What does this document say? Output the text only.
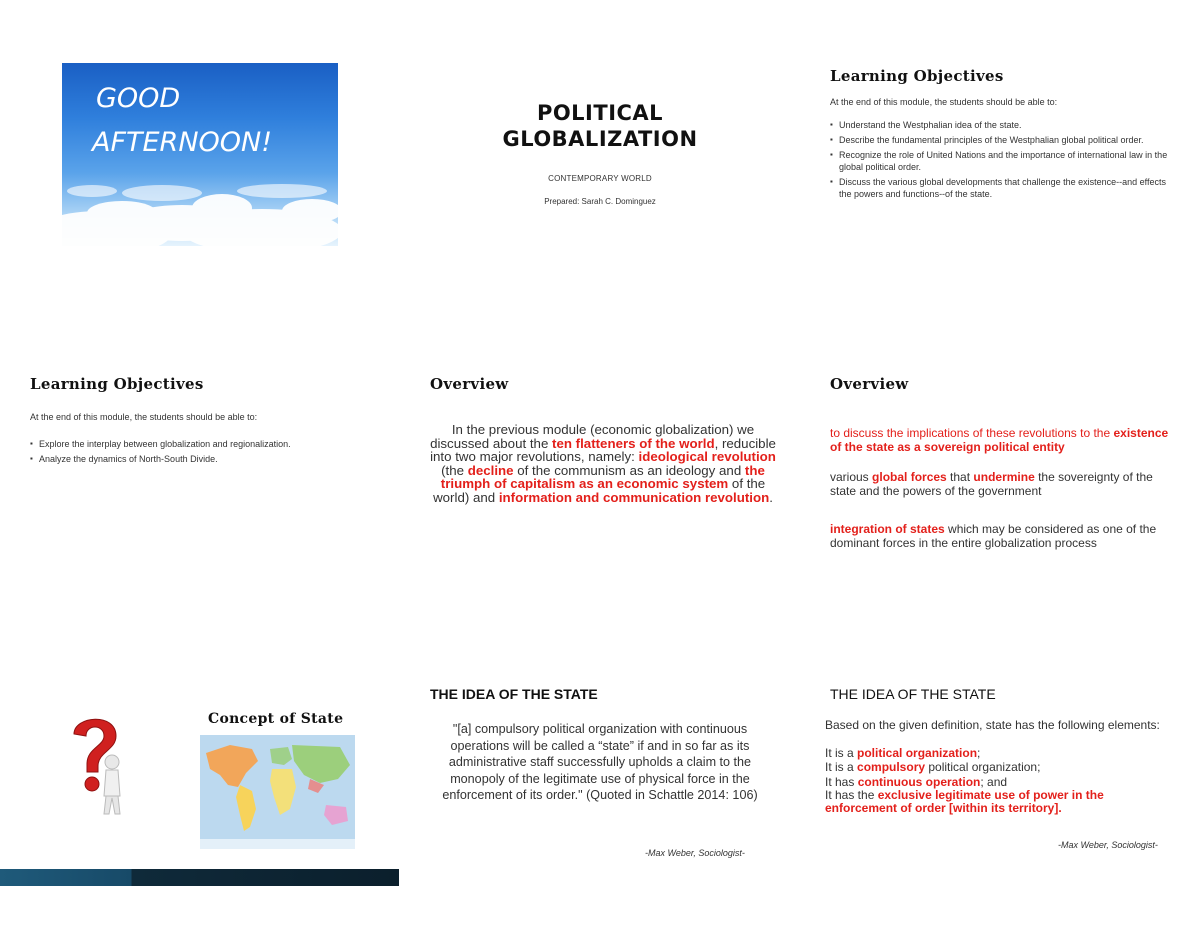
GOOD
AFTERNOON!
POLITICAL
GLOBALIZATION
CONTEMPORARY WORLD
Prepared: Sarah C. Dominguez
Learning Objectives
At the end of this module, the students should be able to:
▪ Understand the Westphalian idea of the state.
▪ Describe the fundamental principles of the Westphalian global political order.
▪ Recognize the role of United Nations and the importance of international law in the global political order.
▪ Discuss the various global developments that challenge the existence--and effects the powers and functions--of the state.
Learning Objectives
At the end of this module, the students should be able to:
▪ Explore the interplay between globalization and regionalization.
▪ Analyze the dynamics of North-South Divide.
Overview
In the previous module (economic globalization) we discussed about the ten flatteners of the world, reducible into two major revolutions, namely: ideological revolution (the decline of the communism as an ideology and the triumph of capitalism as an economic system of the world) and information and communication revolution.
Overview

to discuss the implications of these revolutions to the existence of the state as a sovereign political entity

various global forces that undermine the sovereignty of the state and the powers of the government

integration of states which may be considered as one of the dominant forces in the entire globalization process

Concept of State
THE IDEA OF THE STATE
"[a] compulsory political organization with continuous operations will be called a “state” if and in so far as its administrative staff successfully upholds a claim to the monopoly of the legitimate use of physical force in the enforcement of its order." (Quoted in Schattle 2014: 106)
-Max Weber, Sociologist-
THE IDEA OF THE STATE
Based on the given definition, state has the following elements:
It is a political organization;
It is a compulsory political organization;
It has continuous operation; and
It has the exclusive legitimate use of power in the enforcement of order [within its territory].
-Max Weber, Sociologist-
